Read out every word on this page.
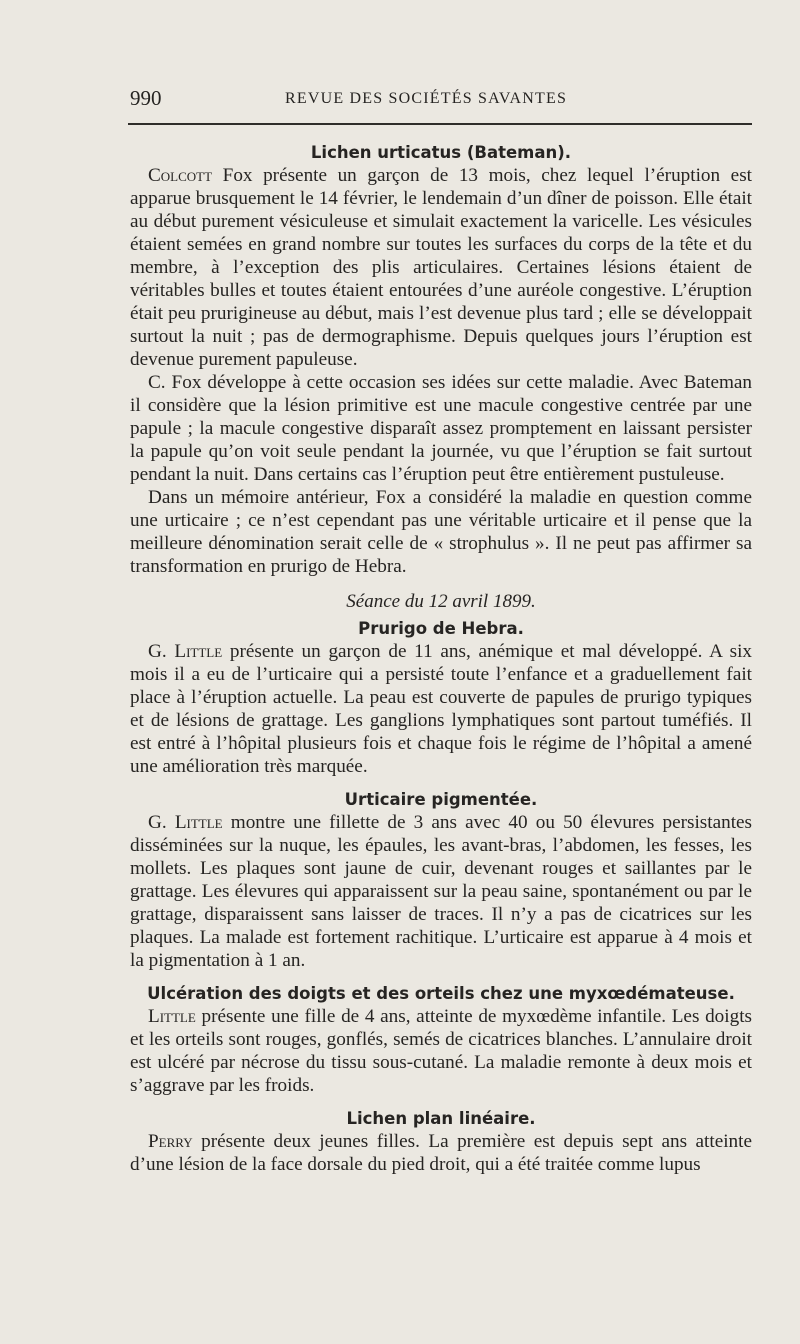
990	REVUE DES SOCIÉTÉS SAVANTES
Lichen urticatus (Bateman).

Colcott Fox présente un garçon de 13 mois, chez lequel l’éruption est apparue brusquement le 14 février, le lendemain d’un dîner de poisson. Elle était au début purement vésiculeuse et simulait exactement la varicelle. Les vésicules étaient semées en grand nombre sur toutes les surfaces du corps de la tête et du membre, à l’exception des plis articulaires. Certaines lésions étaient de véritables bulles et toutes étaient entourées d’une auréole congestive. L’éruption était peu prurigineuse au début, mais l’est devenue plus tard ; elle se développait surtout la nuit ; pas de dermographisme. Depuis quelques jours l’éruption est devenue purement papuleuse.

C. Fox développe à cette occasion ses idées sur cette maladie. Avec Bateman il considère que la lésion primitive est une macule congestive centrée par une papule ; la macule congestive disparaît assez promptement en laissant persister la papule qu’on voit seule pendant la journée, vu que l’éruption se fait surtout pendant la nuit. Dans certains cas l’éruption peut être entièrement pustuleuse.

Dans un mémoire antérieur, Fox a considéré la maladie en question comme une urticaire ; ce n’est cependant pas une véritable urticaire et il pense que la meilleure dénomination serait celle de « strophulus ». Il ne peut pas affirmer sa transformation en prurigo de Hebra.

Séance du 12 avril 1899.
Prurigo de Hebra.

G. Little présente un garçon de 11 ans, anémique et mal développé. A six mois il a eu de l’urticaire qui a persisté toute l’enfance et a graduellement fait place à l’éruption actuelle. La peau est couverte de papules de prurigo typiques et de lésions de grattage. Les ganglions lymphatiques sont partout tuméfiés. Il est entré à l’hôpital plusieurs fois et chaque fois le régime de l’hôpital a amené une amélioration très marquée.

Urticaire pigmentée.

G. Little montre une fillette de 3 ans avec 40 ou 50 élevures persistantes disséminées sur la nuque, les épaules, les avant-bras, l’abdomen, les fesses, les mollets. Les plaques sont jaune de cuir, devenant rouges et saillantes par le grattage. Les élevures qui apparaissent sur la peau saine, spontanément ou par le grattage, disparaissent sans laisser de traces. Il n’y a pas de cicatrices sur les plaques. La malade est fortement rachitique. L’urticaire est apparue à 4 mois et la pigmentation à 1 an.

Ulcération des doigts et des orteils chez une myxœdémateuse.

Little présente une fille de 4 ans, atteinte de myxœdème infantile. Les doigts et les orteils sont rouges, gonflés, semés de cicatrices blanches. L’annulaire droit est ulcéré par nécrose du tissu sous-cutané. La maladie remonte à deux mois et s’aggrave par les froids.

Lichen plan linéaire.

Perry présente deux jeunes filles. La première est depuis sept ans atteinte d’une lésion de la face dorsale du pied droit, qui a été traitée comme lupus
